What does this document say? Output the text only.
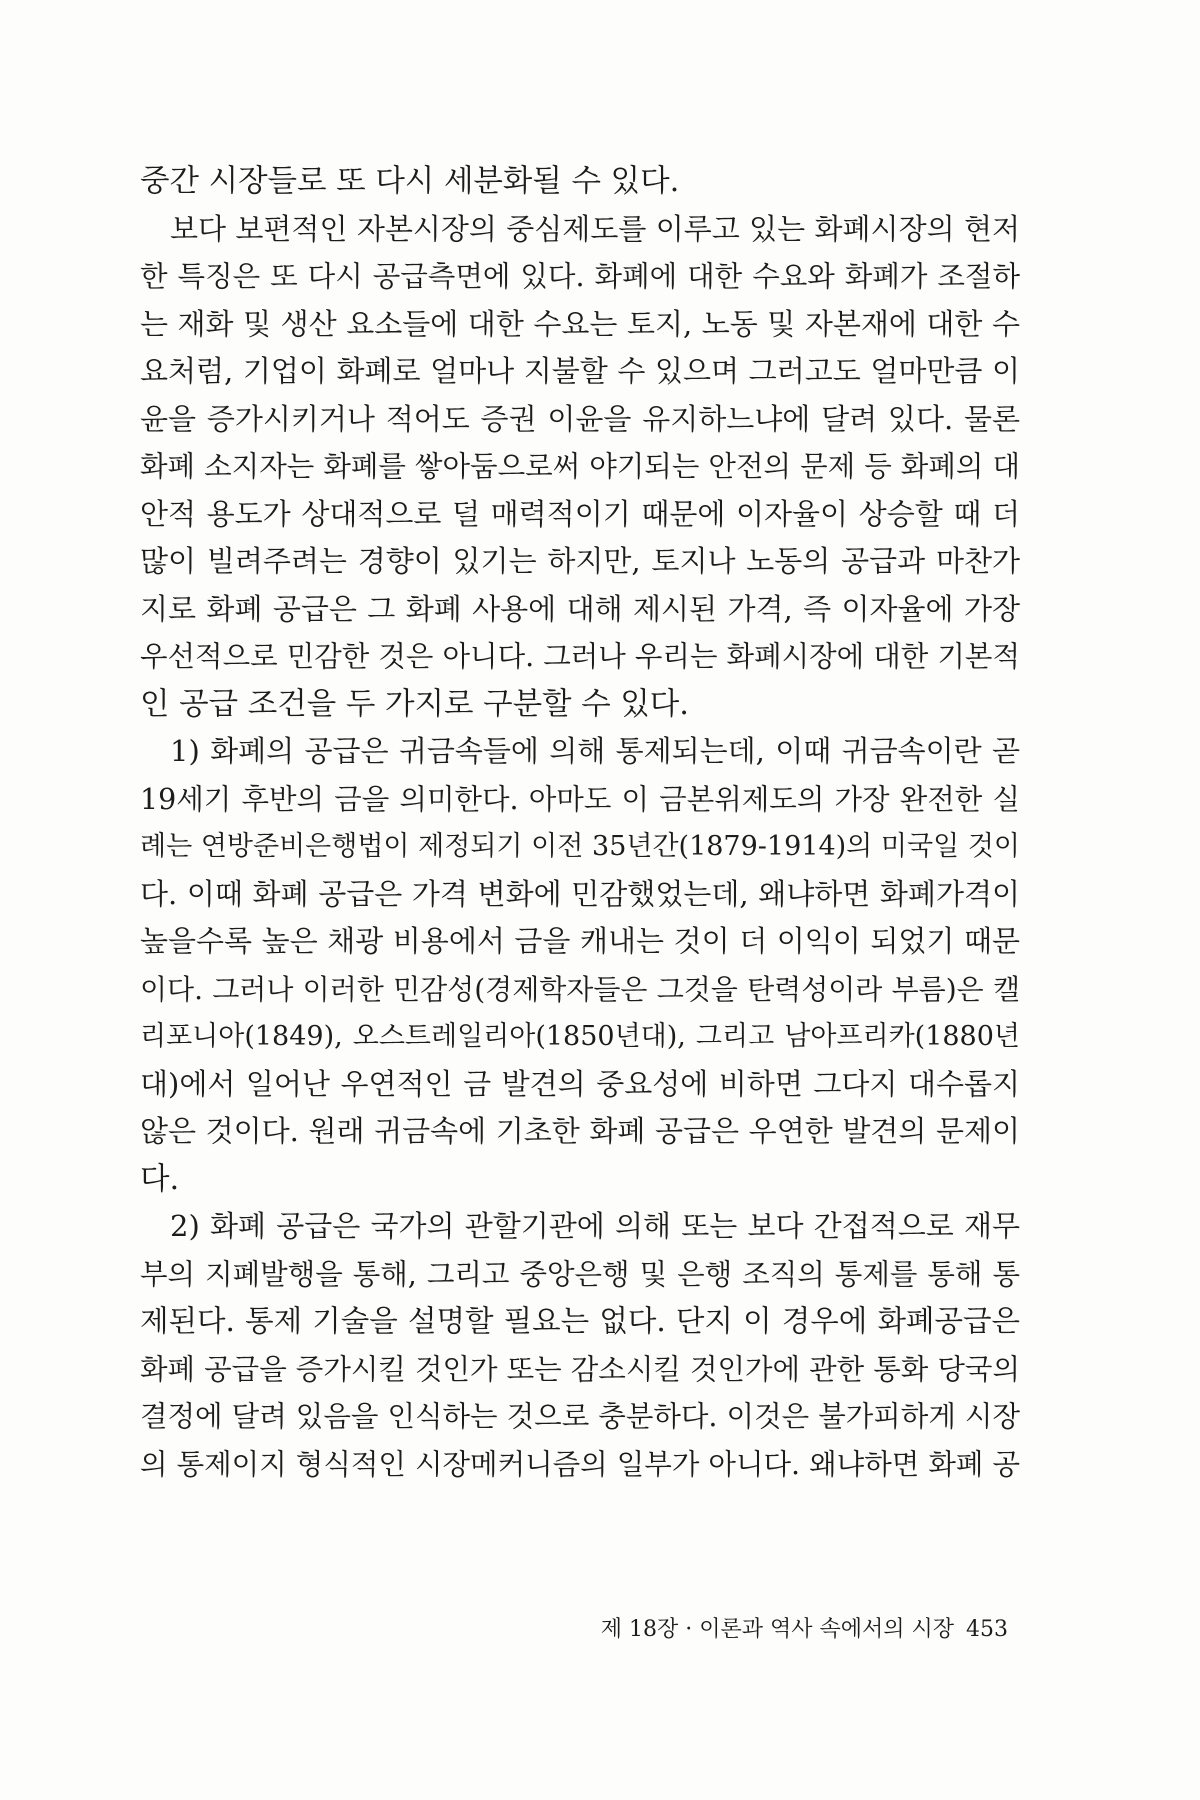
중간 시장들로 또 다시 세분화될 수 있다.
보다 보편적인 자본시장의 중심제도를 이루고 있는 화폐시장의 현저
한 특징은 또 다시 공급측면에 있다. 화폐에 대한 수요와 화폐가 조절하
는 재화 및 생산 요소들에 대한 수요는 토지, 노동 및 자본재에 대한 수
요처럼, 기업이 화폐로 얼마나 지불할 수 있으며 그러고도 얼마만큼 이
윤을 증가시키거나 적어도 증권 이윤을 유지하느냐에 달려 있다. 물론
화폐 소지자는 화폐를 쌓아둠으로써 야기되는 안전의 문제 등 화폐의 대
안적 용도가 상대적으로 덜 매력적이기 때문에 이자율이 상승할 때 더
많이 빌려주려는 경향이 있기는 하지만, 토지나 노동의 공급과 마찬가
지로 화폐 공급은 그 화폐 사용에 대해 제시된 가격, 즉 이자율에 가장
우선적으로 민감한 것은 아니다. 그러나 우리는 화폐시장에 대한 기본적
인 공급 조건을 두 가지로 구분할 수 있다.
1) 화폐의 공급은 귀금속들에 의해 통제되는데, 이때 귀금속이란 곧
19세기 후반의 금을 의미한다. 아마도 이 금본위제도의 가장 완전한 실
례는 연방준비은행법이 제정되기 이전 35년간(1879-1914)의 미국일 것이
다. 이때 화폐 공급은 가격 변화에 민감했었는데, 왜냐하면 화폐가격이
높을수록 높은 채광 비용에서 금을 캐내는 것이 더 이익이 되었기 때문
이다. 그러나 이러한 민감성(경제학자들은 그것을 탄력성이라 부름)은 캘
리포니아(1849), 오스트레일리아(1850년대), 그리고 남아프리카(1880년
대)에서 일어난 우연적인 금 발견의 중요성에 비하면 그다지 대수롭지
않은 것이다. 원래 귀금속에 기초한 화폐 공급은 우연한 발견의 문제이
다.
2) 화폐 공급은 국가의 관할기관에 의해 또는 보다 간접적으로 재무
부의 지폐발행을 통해, 그리고 중앙은행 및 은행 조직의 통제를 통해 통
제된다. 통제 기술을 설명할 필요는 없다. 단지 이 경우에 화폐공급은
화폐 공급을 증가시킬 것인가 또는 감소시킬 것인가에 관한 통화 당국의
결정에 달려 있음을 인식하는 것으로 충분하다. 이것은 불가피하게 시장
의 통제이지 형식적인 시장메커니즘의 일부가 아니다. 왜냐하면 화폐 공
제 18장 · 이론과 역사 속에서의 시장 453
